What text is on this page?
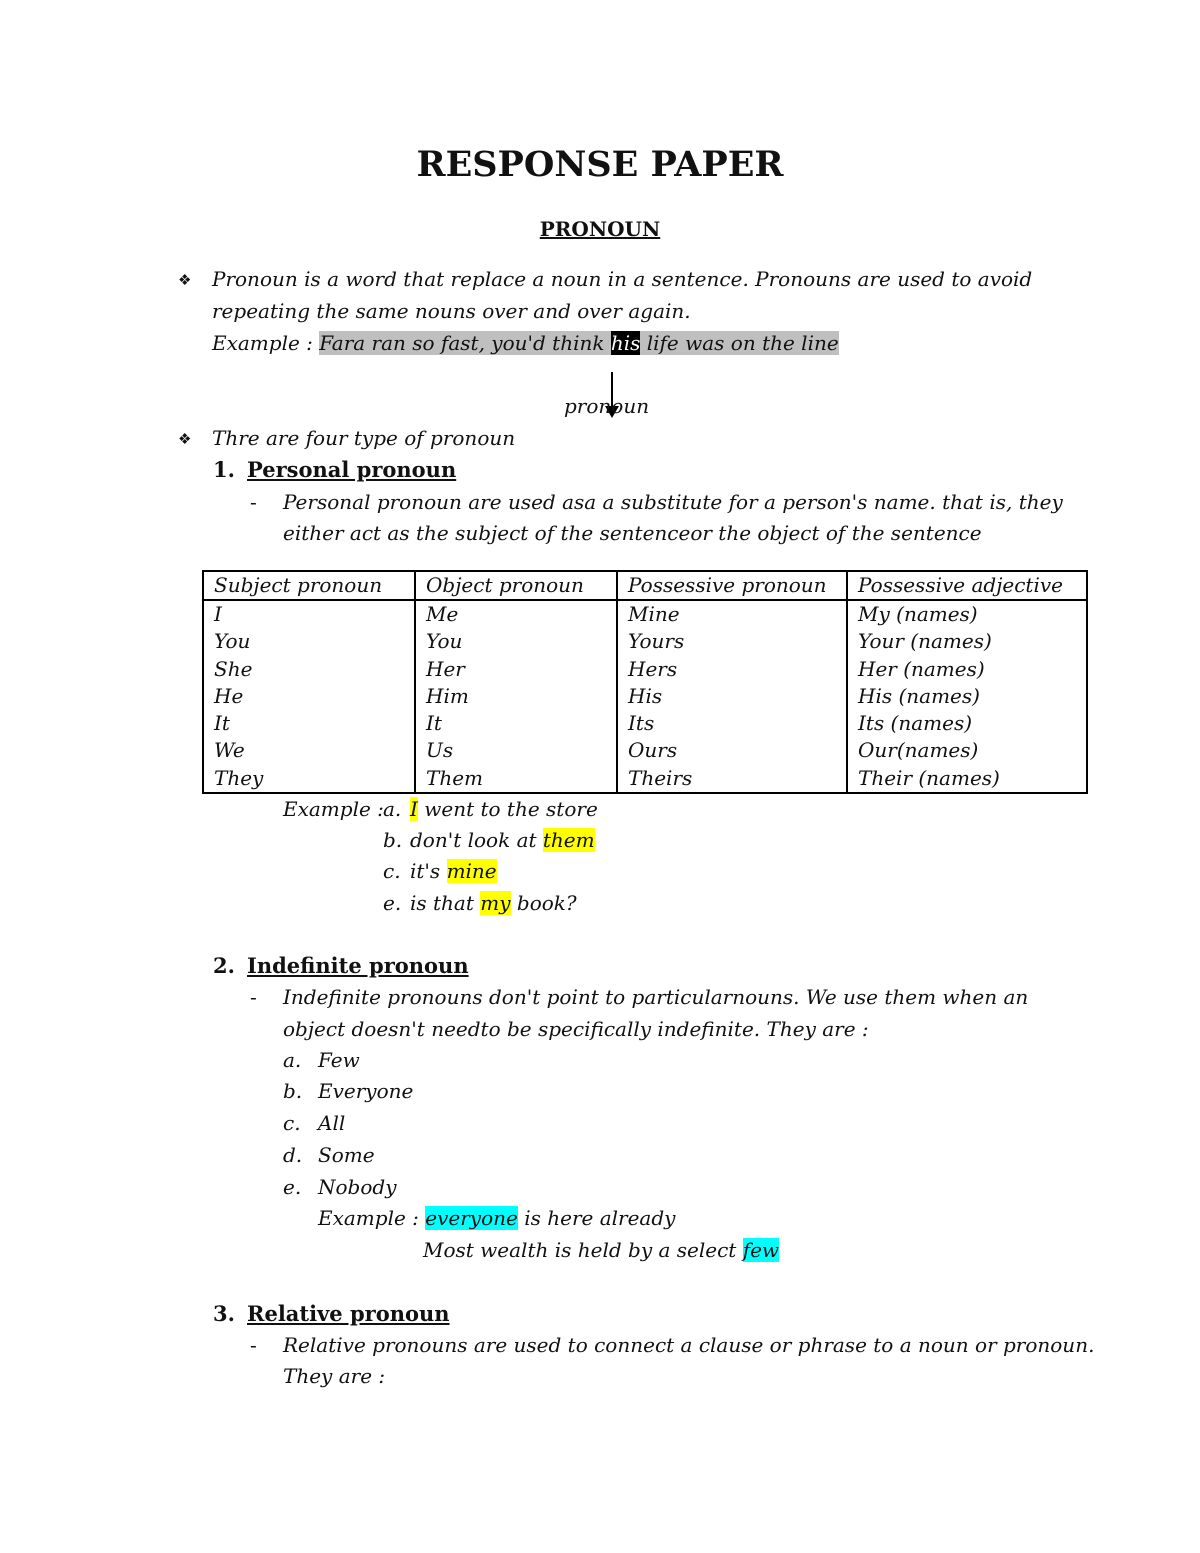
RESPONSE PAPER
PRONOUN
❖ Pronoun is a word that replace a noun in a sentence. Pronouns are used to avoid
repeating the same nouns over and over again.
Example : Fara ran so fast, you'd think his life was on the line
pronoun
❖ Thre are four type of pronoun
1. Personal pronoun
- Personal pronoun are used asa a substitute for a person's name. that is, they
either act as the subject of the sentenceor the object of the sentence
Subject pronoun	Object pronoun	Possessive pronoun	Possessive adjective
I	Me	Mine	My (names)
You	You	Yours	Your (names)
She	Her	Hers	Her (names)
He	Him	His	His (names)
It	It	Its	Its (names)
We	Us	Ours	Our(names)
They	Them	Theirs	Their (names)
Example : a. I went to the store
b. don't look at them
c. it's mine
e. is that my book?
2. Indefinite pronoun
- Indefinite pronouns don't point to particularnouns. We use them when an
object doesn't needto be specifically indefinite. They are :
a. Few
b. Everyone
c. All
d. Some
e. Nobody
Example : everyone is here already
Most wealth is held by a select few
3. Relative pronoun
- Relative pronouns are used to connect a clause or phrase to a noun or pronoun.
They are :
